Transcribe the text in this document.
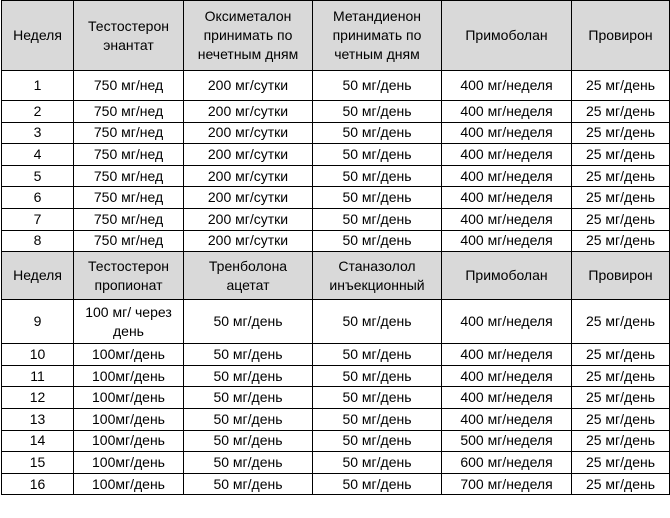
Неделя	Тестостерон энантат	Оксиметалон принимать по нечетным дням	Метандиенон принимать по четным дням	Примоболан	Провирон
1	750 мг/нед	200 мг/сутки	50 мг/день	400 мг/неделя	25 мг/день
2	750 мг/нед	200 мг/сутки	50 мг/день	400 мг/неделя	25 мг/день
3	750 мг/нед	200 мг/сутки	50 мг/день	400 мг/неделя	25 мг/день
4	750 мг/нед	200 мг/сутки	50 мг/день	400 мг/неделя	25 мг/день
5	750 мг/нед	200 мг/сутки	50 мг/день	400 мг/неделя	25 мг/день
6	750 мг/нед	200 мг/сутки	50 мг/день	400 мг/неделя	25 мг/день
7	750 мг/нед	200 мг/сутки	50 мг/день	400 мг/неделя	25 мг/день
8	750 мг/нед	200 мг/сутки	50 мг/день	400 мг/неделя	25 мг/день
Неделя	Тестостерон пропионат	Тренболона ацетат	Станазолол инъекционный	Примоболан	Провирон
9	100 мг/ через день	50 мг/день	50 мг/день	400 мг/неделя	25 мг/день
10	100мг/день	50 мг/день	50 мг/день	400 мг/неделя	25 мг/день
11	100мг/день	50 мг/день	50 мг/день	400 мг/неделя	25 мг/день
12	100мг/день	50 мг/день	50 мг/день	400 мг/неделя	25 мг/день
13	100мг/день	50 мг/день	50 мг/день	400 мг/неделя	25 мг/день
14	100мг/день	50 мг/день	50 мг/день	500 мг/неделя	25 мг/день
15	100мг/день	50 мг/день	50 мг/день	600 мг/неделя	25 мг/день
16	100мг/день	50 мг/день	50 мг/день	700 мг/неделя	25 мг/день
